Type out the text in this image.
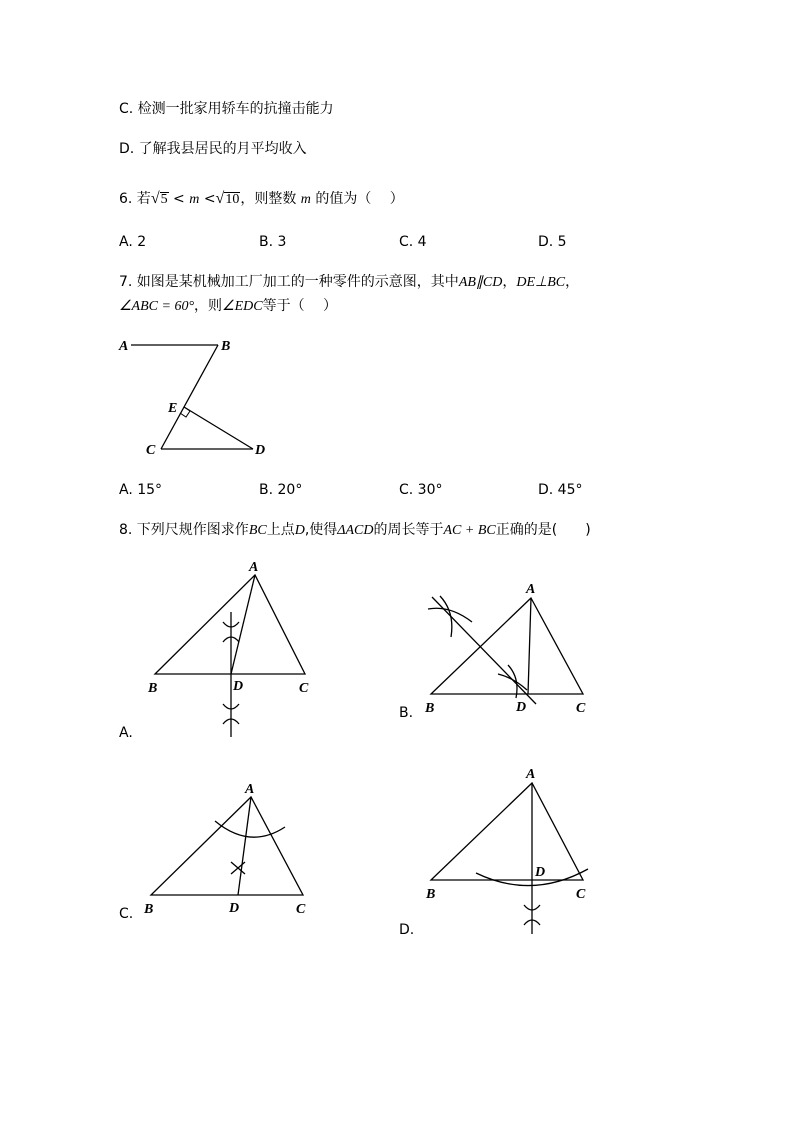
C. 检测一批家用轿车的抗撞击能力
D. 了解我县居民的月平均收入
6. 若√5 < m <√10，则整数 m 的值为（　 ）
A. 2	B. 3	C. 4	D. 5
7. 如图是某机械加工厂加工的一种零件的示意图，其中AB∥CD，DE⊥BC，
∠ABC = 60°，则∠EDC等于（　 ）
A	B
E
C	D
A. 15°	B. 20°	C. 30°	D. 45°
8. 下列尺规作图求作BC上点D,使得ΔACD的周长等于AC + BC正确的是(　　)
A
B	D	C
A
B	D	C
A
B	D	C
A
B
D
C
A.
B.
C.
D.
